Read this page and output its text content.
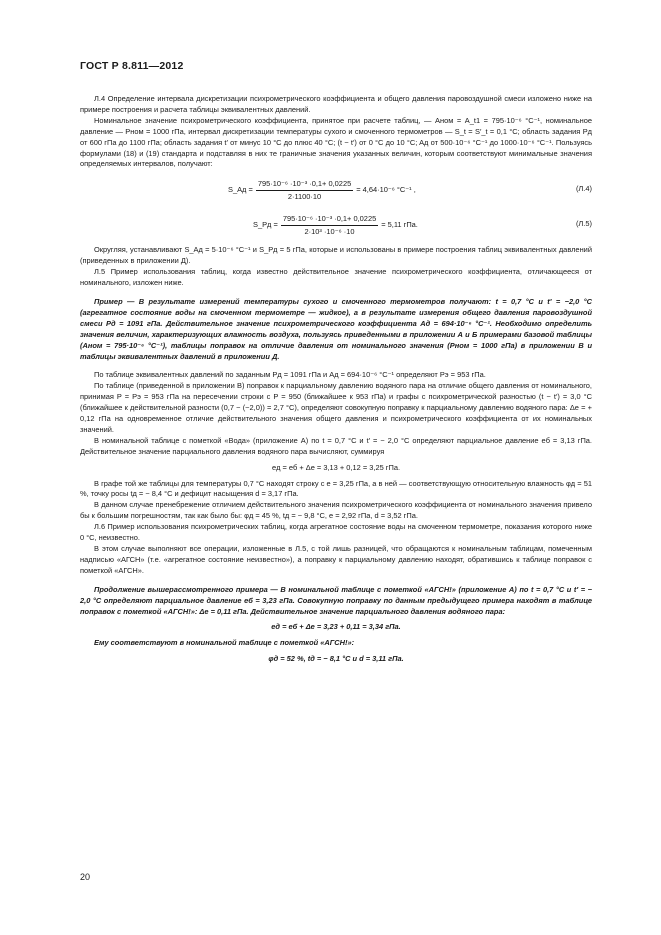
ГОСТ Р 8.811—2012

Л.4 Определение интервала дискретизации психрометрического коэффициента и общего давления паровоздушной смеси изложено ниже на примере построения и расчета таблицы эквивалентных давлений.

Номинальное значение психрометрического коэффициента, принятое при расчете таблиц, — Aном = A_t1 = 795·10⁻⁶ °C⁻¹, номинальное давление — Pном = 1000 гПа, интервал дискретизации температуры сухого и смоченного термометров — S_t = S′_t = 0,1 °C; область задания Pд от 600 гПа до 1100 гПа; область задания t′ от минус 10 °C до плюс 40 °C; (t − t′) от 0 °C до 10 °C; Aд от 500·10⁻⁶ °C⁻¹ до 1000·10⁻⁶ °C⁻¹. Пользуясь формулами (18) и (19) стандарта и подставляя в них те граничные значения указанных величин, которым соответствуют минимальные значения определяемых интервалов, получают:

S_Aд = $\frac{\text{795·10⁻⁶ ·10⁻³ ·0,1+ 0,0225}}{2\cdot 1100\cdot 10} = 4,64\cdot 10^{-6}$ °C⁻¹ ,	(Л.4)
S_Pд = $\frac{\text{795·10⁻⁶ ·10⁻³ ·0,1+ 0,0225}}{\text{2·10³ ·10⁻⁶ ·10}} = 5,11$ гПа.	(Л.5)

Округляя, устанавливают S_Aд = 5·10⁻⁶ °C⁻¹ и S_Pд = 5 гПа, которые и использованы в примере построения таблиц эквивалентных давлений (приведенных в приложении Д).

Л.5 Пример использования таблиц, когда известно действительное значение психрометрического коэффициента, отличающееся от номинального, изложен ниже.

Пример — В результате измерений температуры сухого и смоченного термометров получают: t = 0,7 °C и t′ = −2,0 °C (агрегатное состояние воды на смоченном термометре — жидкое), а в результате измерения общего давления паровоздушной смеси Pд = 1091 гПа. Действительное значение психрометрического коэффициента Aд = 694·10⁻⁶ °C⁻¹. Необходимо определить значения величин, характеризующих влажность воздуха, пользуясь приведенными в приложении А и Б примерами базовой таблицы (Aном = 795·10⁻⁶ °C⁻¹), таблицы поправок на отличие давления от номинального значения (Pном = 1000 гПа) в приложении В и таблицы эквивалентных давлений в приложении Д.

По таблице эквивалентных давлений по заданным Pд = 1091 гПа и Aд = 694·10⁻⁶ °C⁻¹ определяют Pэ = 953 гПа.

По таблице (приведенной в приложении В) поправок к парциальному давлению водяного пара на отличие общего давления от номинального, принимая P = Pэ = 953 гПа на пересечении строки с P = 950 (ближайшее к 953 гПа) и графы с психрометрической разностью (t − t′) = 3,0 °C (ближайшее к действительной разности (0,7 − (−2,0)) = 2,7 °C), определяют совокупную поправку к парциальному давлению водяного пара: Δe = + 0,12 гПа на одновременное отличие действительного значения общего давления и психрометрического коэффициента от их номинальных значений.

В номинальной таблице с пометкой «Вода» (приложение А) по t = 0,7 °C и t′ = − 2,0 °C определяют парциальное давление eб = 3,13 гПа. Действительное значение парциального давления водяного пара вычисляют, суммируя

eд = eб + Δe = 3,13 + 0,12 = 3,25 гПа.

В графе той же таблицы для температуры 0,7 °C находят строку с e = 3,25 гПа, а в ней — соответствующую относительную влажность φд = 51 %, точку росы tд = − 8,4 °C и дефицит насыщения d = 3,17 гПа.

В данном случае пренебрежение отличием действительного значения психрометрического коэффициента от номинального значения привело бы к большим погрешностям, так как было бы: φд = 45 %, tд = − 9,8 °C, e = 2,92 гПа, d = 3,52 гПа.

Л.6 Пример использования психрометрических таблиц, когда агрегатное состояние воды на смоченном термометре, показания которого ниже 0 °C, неизвестно.

В этом случае выполняют все операции, изложенные в Л.5, с той лишь разницей, что обращаются к номинальным таблицам, помеченным надписью «АГСН» (т.е. «агрегатное состояние неизвестно»), а поправку к парциальному давлению находят, обратившись к таблице поправок с пометкой «АГСН».

Продолжение вышерассмотренного примера — В номинальной таблице с пометкой «АГСН!» (приложение А) по t = 0,7 °C и t′ = − 2,0 °C определяют парциальное давление eб = 3,23 гПа. Совокупную поправку по данным предыдущего примера находят в таблице поправок с пометкой «АГСН!»: Δe = 0,11 гПа. Действительное значение парциального давления водяного пара:

eд = eб + Δe = 3,23 + 0,11 = 3,34 гПа.

Ему соответствуют в номинальной таблице с пометкой «АГСН!»:

φд = 52 %, tд = − 8,1 °C и d = 3,11 гПа.

20
